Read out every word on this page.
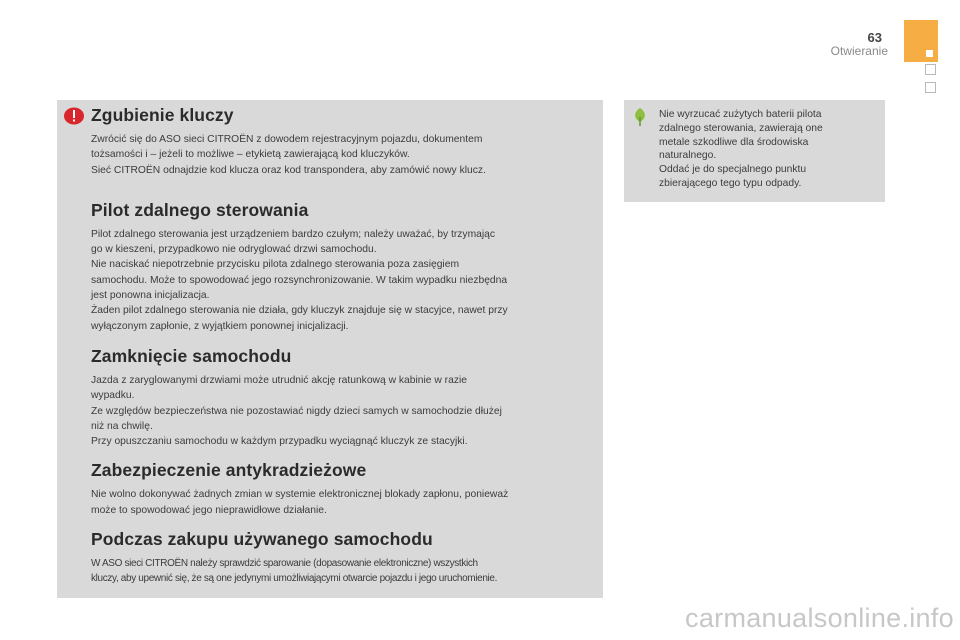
63
Otwieranie
Zgubienie kluczy

Zwrócić się do ASO sieci CITROËN z dowodem rejestracyjnym pojazdu, dokumentem

tożsamości i – jeżeli to możliwe – etykietą zawierającą kod kluczyków.

Sieć CITROËN odnajdzie kod klucza oraz kod transpondera, aby zamówić nowy klucz.

Pilot zdalnego sterowania

Pilot zdalnego sterowania jest urządzeniem bardzo czułym; należy uważać, by trzymając

go w kieszeni, przypadkowo nie odryglować drzwi samochodu.

Nie naciskać niepotrzebnie przycisku pilota zdalnego sterowania poza zasięgiem

samochodu. Może to spowodować jego rozsynchronizowanie. W takim wypadku niezbędna

jest ponowna inicjalizacja.

Żaden pilot zdalnego sterowania nie działa, gdy kluczyk znajduje się w stacyjce, nawet przy

wyłączonym zapłonie, z wyjątkiem ponownej inicjalizacji.

Zamknięcie samochodu

Jazda z zaryglowanymi drzwiami może utrudnić akcję ratunkową w kabinie w razie

wypadku.

Ze względów bezpieczeństwa nie pozostawiać nigdy dzieci samych w samochodzie dłużej

niż na chwilę.

Przy opuszczaniu samochodu w każdym przypadku wyciągnąć kluczyk ze stacyjki.

Zabezpieczenie antykradzieżowe

Nie wolno dokonywać żadnych zmian w systemie elektronicznej blokady zapłonu, ponieważ

może to spowodować jego nieprawidłowe działanie.

Podczas zakupu używanego samochodu

W ASO sieci CITROËN należy sprawdzić sparowanie (dopasowanie elektroniczne) wszystkich

kluczy, aby upewnić się, że są one jedynymi umożliwiającymi otwarcie pojazdu i jego uruchomienie.

Nie wyrzucać zużytych baterii pilota
zdalnego sterowania, zawierają one
metale szkodliwe dla środowiska
naturalnego.
Oddać je do specjalnego punktu
zbierającego tego typu odpady.
carmanualsonline.info
